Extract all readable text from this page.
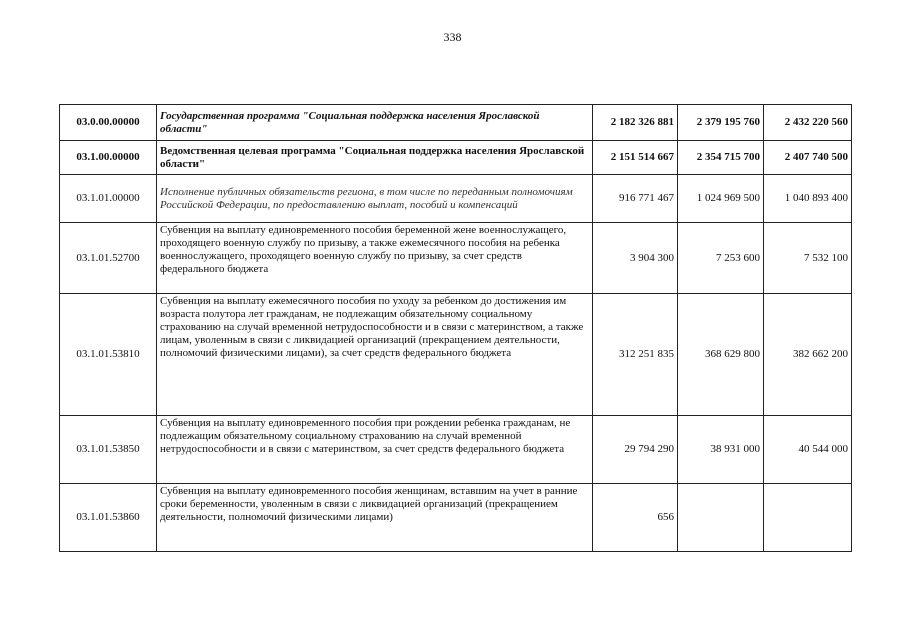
338
03.0.00.00000	Государственная программа "Социальная поддержка населения Ярославской области"	2 182 326 881	2 379 195 760	2 432 220 560
03.1.00.00000	Ведомственная целевая программа "Социальная поддержка населения Ярославской области"	2 151 514 667	2 354 715 700	2 407 740 500
03.1.01.00000	Исполнение публичных обязательств региона, в том числе по переданным полномочиям Российской Федерации, по предоставлению выплат, пособий и компенсаций	916 771 467	1 024 969 500	1 040 893 400
03.1.01.52700	Субвенция на выплату единовременного пособия беременной жене военнослужащего, проходящего военную службу по призыву, а также ежемесячного пособия на ребенка военнослужащего, проходящего военную службу по призыву, за счет средств федерального бюджета	3 904 300	7 253 600	7 532 100
03.1.01.53810	Субвенция на выплату ежемесячного пособия по уходу за ребенком до достижения им возраста полутора лет гражданам, не подлежащим обязательному социальному страхованию на случай временной нетрудоспособности и в связи с материнством, а также лицам, уволенным в связи с ликвидацией организаций (прекращением деятельности, полномочий физическими лицами), за счет средств федерального бюджета	312 251 835	368 629 800	382 662 200
03.1.01.53850	Субвенция на выплату единовременного пособия при рождении ребенка гражданам, не подлежащим обязательному социальному страхованию на случай временной нетрудоспособности и в связи с материнством, за счет средств федерального бюджета	29 794 290	38 931 000	40 544 000
03.1.01.53860	Субвенция на выплату единовременного пособия женщинам, вставшим на учет в ранние сроки беременности, уволенным в связи с ликвидацией организаций (прекращением деятельности, полномочий физическими лицами)	656		
